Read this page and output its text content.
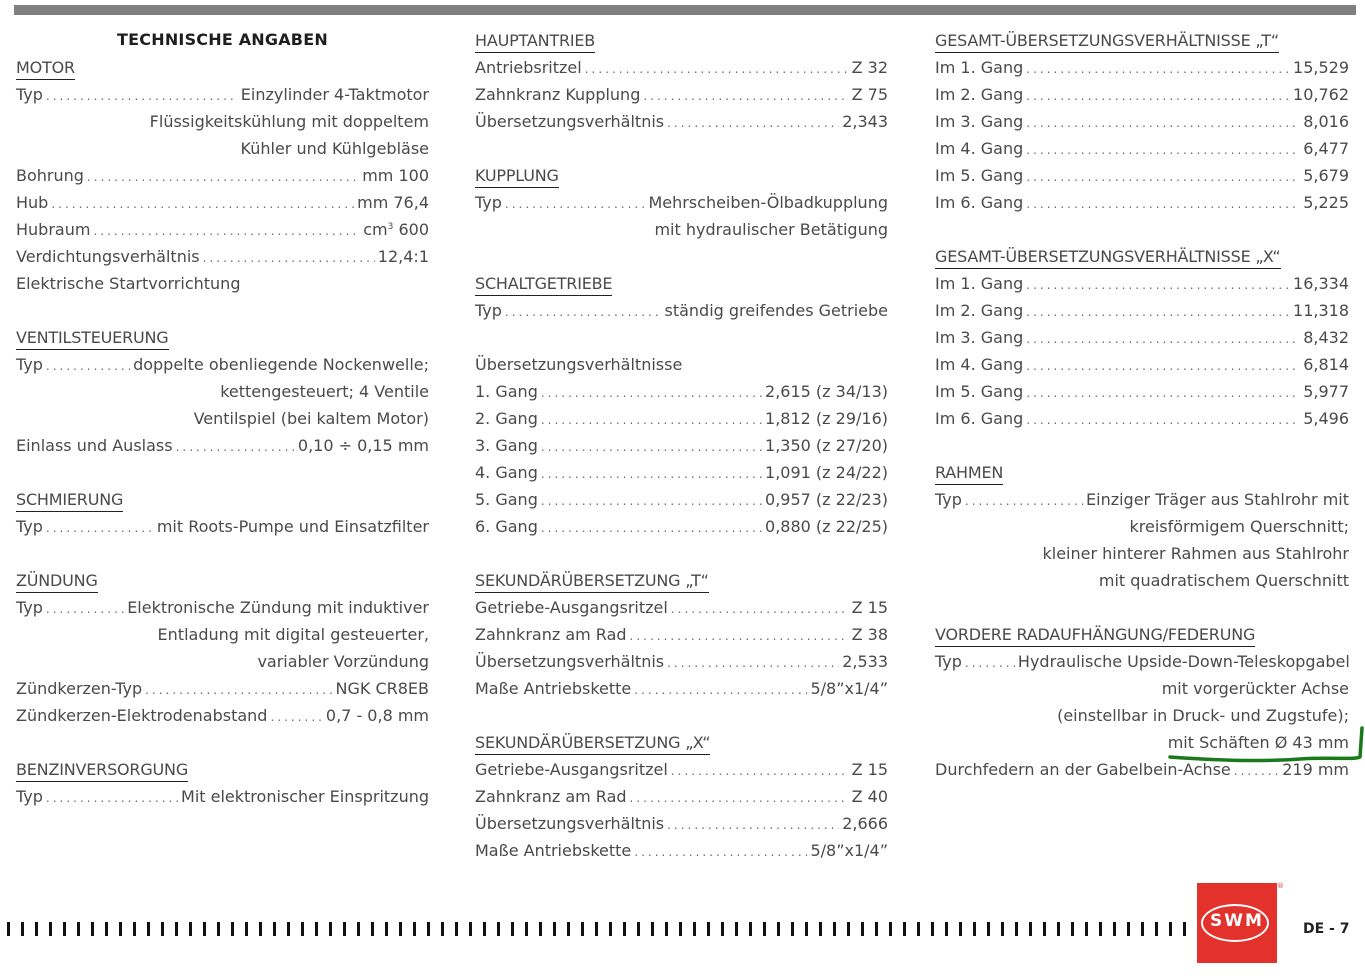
TECHNISCHE ANGABEN
MOTOR
Typ .....	Einzylinder 4-Taktmotor
Flüssigkeitskühlung mit doppeltem
Kühler und Kühlgebläse
Bohrung .....	mm 100
Hub .....	mm 76,4
Hubraum .....	$cm^3$ 600
Verdichtungsverhältnis .....	12,4:1
Elektrische Startvorrichtung
VENTILSTEUERUNG
Typ .....	doppelte obenliegende Nockenwelle;
kettengesteuert; 4 Ventile
Ventilspiel (bei kaltem Motor)
Einlass und Auslass .....	0,10 ÷ 0,15 mm
SCHMIERUNG
Typ .....	mit Roots-Pumpe und Einsatzfilter
ZÜNDUNG
Typ .....	Elektronische Zündung mit induktiver
Entladung mit digital gesteuerter,
variabler Vorzündung
Zündkerzen-Typ .....	NGK CR8EB
Zündkerzen-Elektrodenabstand .....	0,7 - 0,8 mm
BENZINVERSORGUNG
Typ .....	Mit elektronischer Einspritzung
HAUPTANTRIEB
Antriebsritzel .....	Z 32
Zahnkranz Kupplung .....	Z 75
Übersetzungsverhältnis .....	2,343
KUPPLUNG
Typ .....	Mehrscheiben-Ölbadkupplung
mit hydraulischer Betätigung
SCHALTGETRIEBE
Typ .....	ständig greifendes Getriebe
Übersetzungsverhältnisse
1. Gang .....	2,615 (z 34/13)
2. Gang .....	1,812 (z 29/16)
3. Gang .....	1,350 (z 27/20)
4. Gang .....	1,091 (z 24/22)
5. Gang .....	0,957 (z 22/23)
6. Gang .....	0,880 (z 22/25)
SEKUNDÄRÜBERSETZUNG „T“
Getriebe-Ausgangsritzel .....	Z 15
Zahnkranz am Rad .....	Z 38
Übersetzungsverhältnis .....	2,533
Maße Antriebskette .....	5/8”x1/4”
SEKUNDÄRÜBERSETZUNG „X“
Getriebe-Ausgangsritzel .....	Z 15
Zahnkranz am Rad .....	Z 40
Übersetzungsverhältnis .....	2,666
Maße Antriebskette .....	5/8”x1/4”
GESAMT-ÜBERSETZUNGSVERHÄLTNISSE „T“
Im 1. Gang .....	15,529
Im 2. Gang .....	10,762
Im 3. Gang .....	8,016
Im 4. Gang .....	6,477
Im 5. Gang .....	5,679
Im 6. Gang .....	5,225
GESAMT-ÜBERSETZUNGSVERHÄLTNISSE „X“
Im 1. Gang .....	16,334
Im 2. Gang .....	11,318
Im 3. Gang .....	8,432
Im 4. Gang .....	6,814
Im 5. Gang .....	5,977
Im 6. Gang .....	5,496
RAHMEN
Typ .....	Einziger Träger aus Stahlrohr mit
kreisförmigem Querschnitt;
kleiner hinterer Rahmen aus Stahlrohr
mit quadratischem Querschnitt
VORDERE RADAUFHÄNGUNG/FEDERUNG
Typ .....	Hydraulische Upside-Down-Teleskopgabel
mit vorgerückter Achse
(einstellbar in Druck- und Zugstufe);
mit Schäften Ø 43 mm
Durchfedern an der Gabelbein-Achse .....	219 mm
SWM
®
DE - 7
